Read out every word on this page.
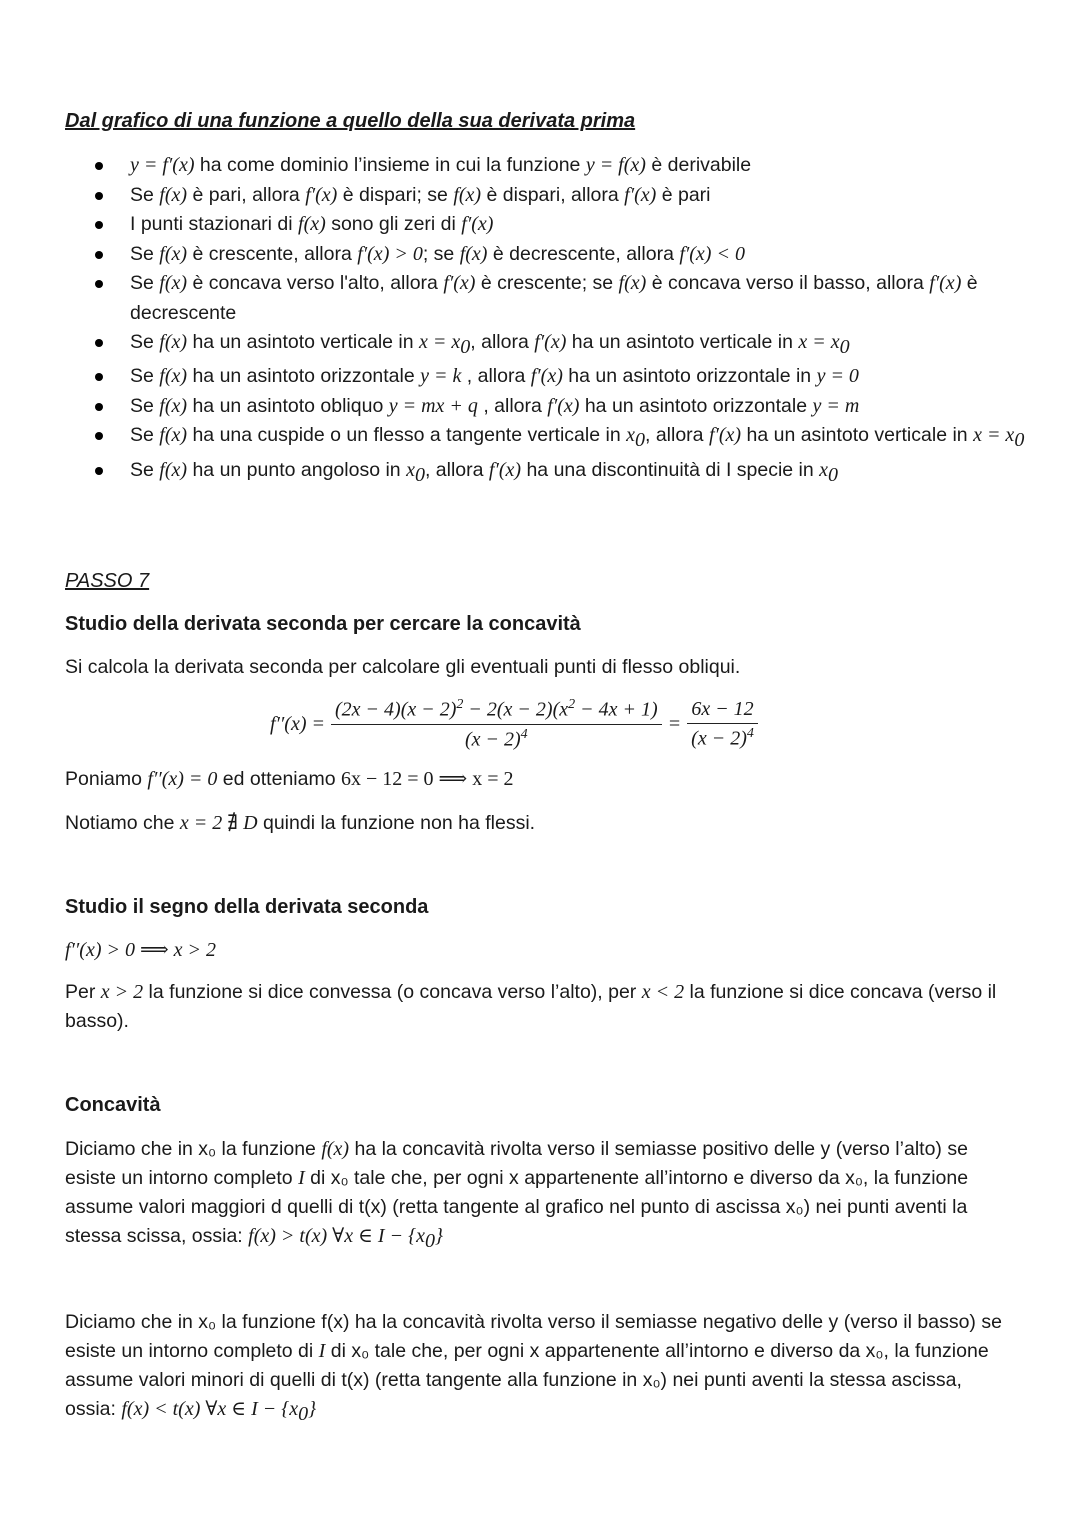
Dal grafico di una funzione a quello della sua derivata prima

y = f′(x) ha come dominio l’insieme in cui la funzione y = f(x) è derivabile
Se f(x) è pari, allora f′(x) è dispari; se f(x) è dispari, allora f′(x) è pari
I punti stazionari di f(x) sono gli zeri di f′(x)
Se f(x) è crescente, allora f′(x) > 0; se f(x) è decrescente, allora f′(x) < 0
Se f(x) è concava verso l'alto, allora f′(x) è crescente; se f(x) è concava verso il basso, allora f′(x) è decrescente
Se f(x) ha un asintoto verticale in $x = x_0$, allora f′(x) ha un asintoto verticale in $x = x_0$
Se f(x) ha un asintoto orizzontale y = k , allora f′(x) ha un asintoto orizzontale in y = 0
Se f(x) ha un asintoto obliquo y = mx + q , allora f′(x) ha un asintoto orizzontale y = m
Se f(x) ha una cuspide o un flesso a tangente verticale in $x_0$, allora f′(x) ha un asintoto verticale in $x = x_0$
Se f(x) ha un punto angoloso in $x_0$, allora f′(x) ha una discontinuità di I specie in $x_0$

PASSO 7

Studio della derivata seconda per cercare la concavità

Si calcola la derivata seconda per calcolare gli eventuali punti di flesso obliqui.

$f''(x) = \frac{(2x - 4)(x - 2)^2 - 2(x - 2)(x^2 - 4x + 1)}{(x - 2)^4} = \frac{6x - 12}{(x - 2)^4}$

Poniamo f′′(x) = 0 ed otteniamo 6x − 12 = 0 ⟹ x = 2

Notiamo che x = 2 ∄ D quindi la funzione non ha flessi.

Studio il segno della derivata seconda

f′′(x) > 0 ⟹ x > 2

Per x > 2 la funzione si dice convessa (o concava verso l’alto), per x < 2 la funzione si dice concava (verso il basso).

Concavità

Diciamo che in x₀ la funzione f(x) ha la concavità rivolta verso il semiasse positivo delle y (verso l’alto) se esiste un intorno completo I di x₀ tale che, per ogni x appartenente all’intorno e diverso da x₀, la funzione assume valori maggiori d quelli di t(x) (retta tangente al grafico nel punto di ascissa x₀) nei punti aventi la stessa scissa, ossia: f(x) > t(x) ∀x ∈ $I - \{x_0\}$

Diciamo che in x₀ la funzione f(x) ha la concavità rivolta verso il semiasse negativo delle y (verso il basso) se esiste un intorno completo di I di x₀ tale che, per ogni x appartenente all’intorno e diverso da x₀, la funzione assume valori minori di quelli di t(x) (retta tangente alla funzione in x₀) nei punti aventi la stessa ascissa, ossia: f(x) < t(x) ∀x ∈ $I - \{x_0\}$
